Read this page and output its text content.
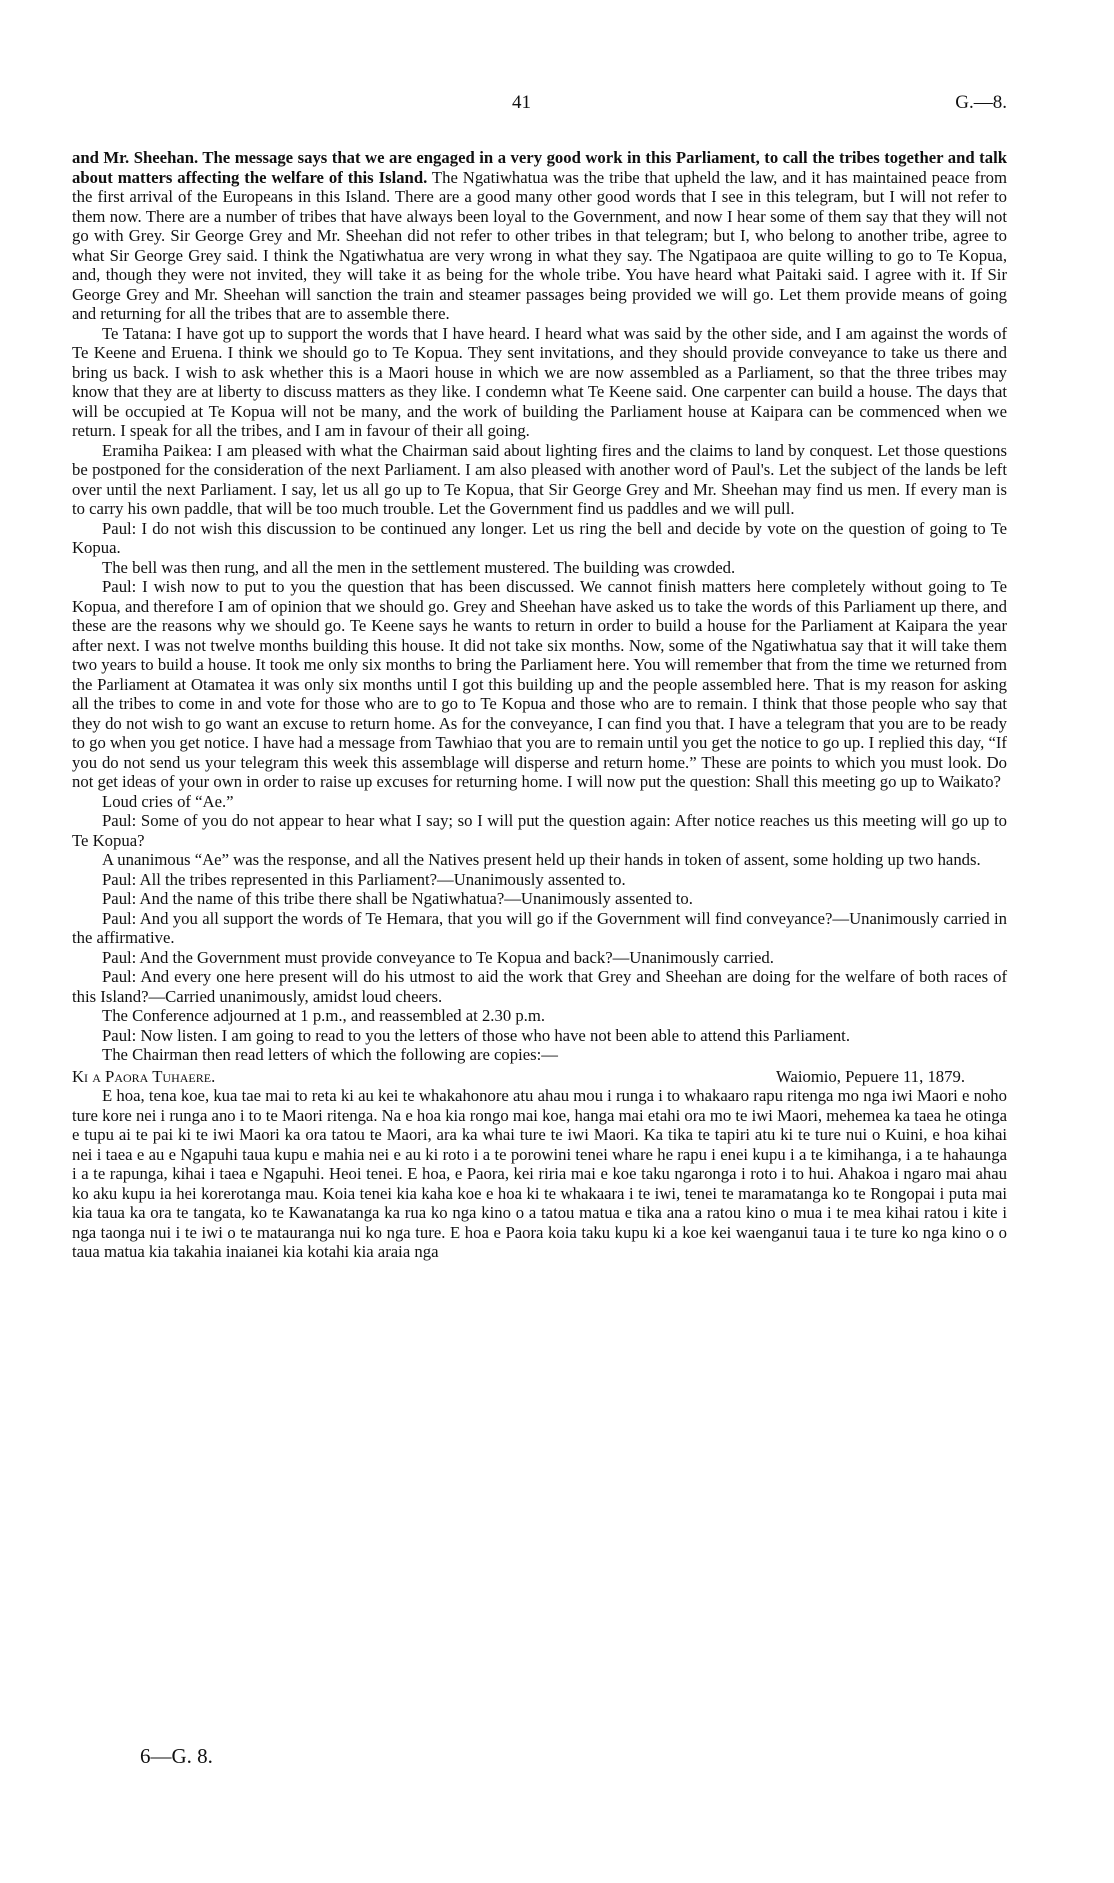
41	G.—8.

and Mr. Sheehan. The message says that we are engaged in a very good work in this Parliament, to call the tribes together and talk about matters affecting the welfare of this Island. The Ngatiwhatua was the tribe that upheld the law, and it has maintained peace from the first arrival of the Europeans in this Island. There are a good many other good words that I see in this telegram, but I will not refer to them now. There are a number of tribes that have always been loyal to the Government, and now I hear some of them say that they will not go with Grey. Sir George Grey and Mr. Sheehan did not refer to other tribes in that telegram; but I, who belong to another tribe, agree to what Sir George Grey said. I think the Ngatiwhatua are very wrong in what they say. The Ngatipaoa are quite willing to go to Te Kopua, and, though they were not invited, they will take it as being for the whole tribe. You have heard what Paitaki said. I agree with it. If Sir George Grey and Mr. Sheehan will sanction the train and steamer passages being provided we will go. Let them provide means of going and returning for all the tribes that are to assemble there.

Te Tatana: I have got up to support the words that I have heard. I heard what was said by the other side, and I am against the words of Te Keene and Eruena. I think we should go to Te Kopua. They sent invitations, and they should provide conveyance to take us there and bring us back. I wish to ask whether this is a Maori house in which we are now assembled as a Parliament, so that the three tribes may know that they are at liberty to discuss matters as they like. I condemn what Te Keene said. One carpenter can build a house. The days that will be occupied at Te Kopua will not be many, and the work of building the Parliament house at Kaipara can be commenced when we return. I speak for all the tribes, and I am in favour of their all going.

Eramiha Paikea: I am pleased with what the Chairman said about lighting fires and the claims to land by conquest. Let those questions be postponed for the consideration of the next Parliament. I am also pleased with another word of Paul's. Let the subject of the lands be left over until the next Parliament. I say, let us all go up to Te Kopua, that Sir George Grey and Mr. Sheehan may find us men. If every man is to carry his own paddle, that will be too much trouble. Let the Government find us paddles and we will pull.

Paul: I do not wish this discussion to be continued any longer. Let us ring the bell and decide by vote on the question of going to Te Kopua.

The bell was then rung, and all the men in the settlement mustered. The building was crowded.

Paul: I wish now to put to you the question that has been discussed. We cannot finish matters here completely without going to Te Kopua, and therefore I am of opinion that we should go. Grey and Sheehan have asked us to take the words of this Parliament up there, and these are the reasons why we should go. Te Keene says he wants to return in order to build a house for the Parliament at Kaipara the year after next. I was not twelve months building this house. It did not take six months. Now, some of the Ngatiwhatua say that it will take them two years to build a house. It took me only six months to bring the Parliament here. You will remember that from the time we returned from the Parliament at Otamatea it was only six months until I got this building up and the people assembled here. That is my reason for asking all the tribes to come in and vote for those who are to go to Te Kopua and those who are to remain. I think that those people who say that they do not wish to go want an excuse to return home. As for the conveyance, I can find you that. I have a telegram that you are to be ready to go when you get notice. I have had a message from Tawhiao that you are to remain until you get the notice to go up. I replied this day, “If you do not send us your telegram this week this assemblage will disperse and return home.” These are points to which you must look. Do not get ideas of your own in order to raise up excuses for returning home. I will now put the question: Shall this meeting go up to Waikato?

Loud cries of “Ae.”

Paul: Some of you do not appear to hear what I say; so I will put the question again: After notice reaches us this meeting will go up to Te Kopua?

A unanimous “Ae” was the response, and all the Natives present held up their hands in token of assent, some holding up two hands.

Paul: All the tribes represented in this Parliament?—Unanimously assented to.

Paul: And the name of this tribe there shall be Ngatiwhatua?—Unanimously assented to.

Paul: And you all support the words of Te Hemara, that you will go if the Government will find conveyance?—Unanimously carried in the affirmative.

Paul: And the Government must provide conveyance to Te Kopua and back?—Unanimously carried.

Paul: And every one here present will do his utmost to aid the work that Grey and Sheehan are doing for the welfare of both races of this Island?—Carried unanimously, amidst loud cheers.

The Conference adjourned at 1 p.m., and reassembled at 2.30 p.m.

Paul: Now listen. I am going to read to you the letters of those who have not been able to attend this Parliament.

The Chairman then read letters of which the following are copies:—

Ki a Paora Tuhaere.	Waiomio, Pepuere 11, 1879.

E hoa, tena koe, kua tae mai to reta ki au kei te whakahonore atu ahau mou i runga i to whakaaro rapu ritenga mo nga iwi Maori e noho ture kore nei i runga ano i to te Maori ritenga. Na e hoa kia rongo mai koe, hanga mai etahi ora mo te iwi Maori, mehemea ka taea he otinga e tupu ai te pai ki te iwi Maori ka ora tatou te Maori, ara ka whai ture te iwi Maori. Ka tika te tapiri atu ki te ture nui o Kuini, e hoa kihai nei i taea e au e Ngapuhi taua kupu e mahia nei e au ki roto i a te porowini tenei whare he rapu i enei kupu i a te kimihanga, i a te hahaunga i a te rapunga, kihai i taea e Ngapuhi. Heoi tenei. E hoa, e Paora, kei riria mai e koe taku ngaronga i roto i to hui. Ahakoa i ngaro mai ahau ko aku kupu ia hei korerotanga mau. Koia tenei kia kaha koe e hoa ki te whakaara i te iwi, tenei te maramatanga ko te Rongopai i puta mai kia taua ka ora te tangata, ko te Kawanatanga ka rua ko nga kino o a tatou matua e tika ana a ratou kino o mua i te mea kihai ratou i kite i nga taonga nui i te iwi o te matauranga nui ko nga ture. E hoa e Paora koia taku kupu ki a koe kei waenganui taua i te ture ko nga kino o o taua matua kia takahia inaianei kia kotahi kia araia nga

6—G. 8.
